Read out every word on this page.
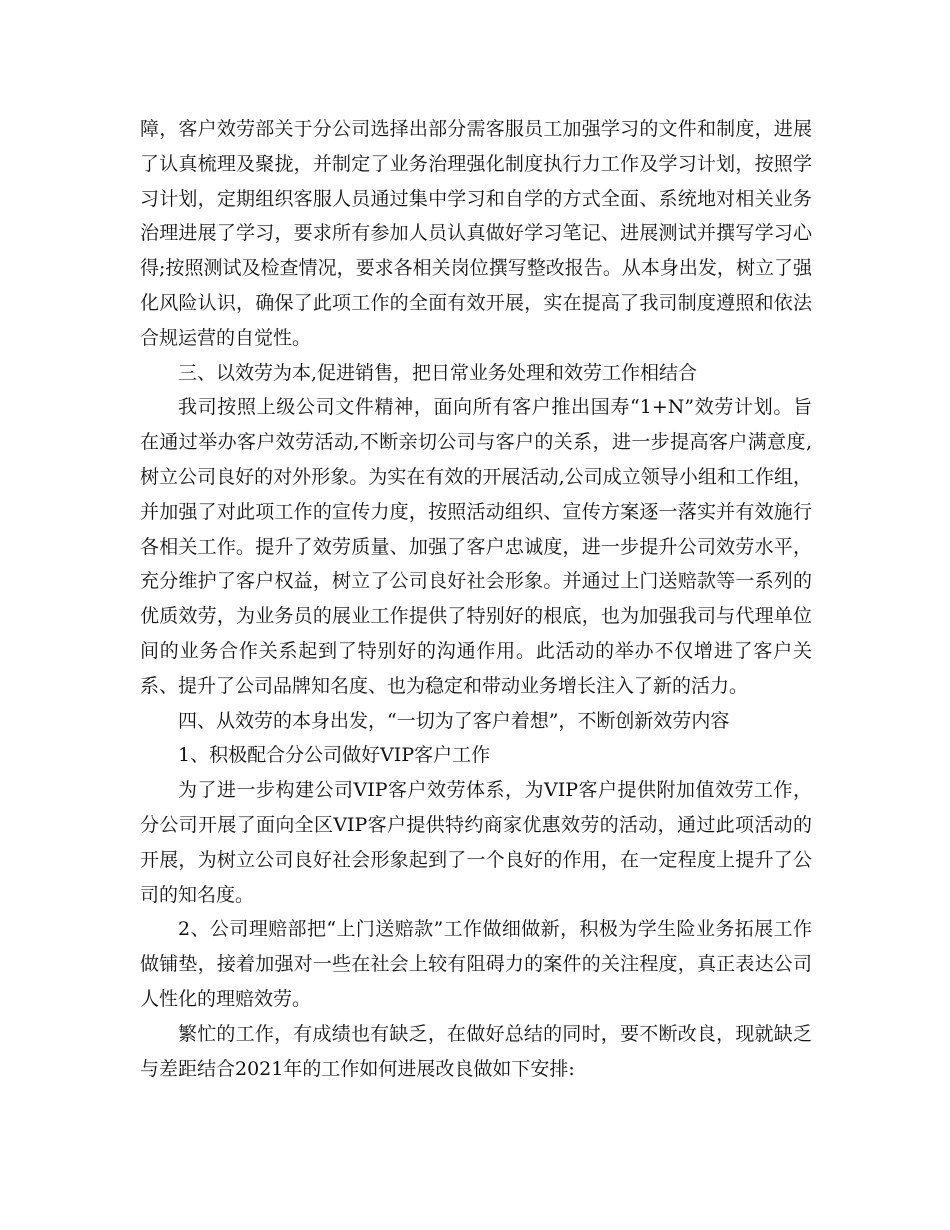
障，客户效劳部关于分公司选择出部分需客服员工加强学习的文件和制度，进展了认真梳理及聚拢，并制定了业务治理强化制度执行力工作及学习计划，按照学习计划，定期组织客服人员通过集中学习和自学的方式全面、系统地对相关业务治理进展了学习，要求所有参加人员认真做好学习笔记、进展测试并撰写学习心得;按照测试及检查情况，要求各相关岗位撰写整改报告。从本身出发，树立了强化风险认识，确保了此项工作的全面有效开展，实在提高了我司制度遵照和依法合规运营的自觉性。

三、以效劳为本,促进销售，把日常业务处理和效劳工作相结合

我司按照上级公司文件精神，面向所有客户推出国寿“1+N”效劳计划。旨在通过举办客户效劳活动,不断亲切公司与客户的关系，进一步提高客户满意度,树立公司良好的对外形象。为实在有效的开展活动,公司成立领导小组和工作组，并加强了对此项工作的宣传力度，按照活动组织、宣传方案逐一落实并有效施行各相关工作。提升了效劳质量、加强了客户忠诚度，进一步提升公司效劳水平，充分维护了客户权益，树立了公司良好社会形象。并通过上门送赔款等一系列的优质效劳，为业务员的展业工作提供了特别好的根底，也为加强我司与代理单位间的业务合作关系起到了特别好的沟通作用。此活动的举办不仅增进了客户关系、提升了公司品牌知名度、也为稳定和带动业务增长注入了新的活力。

四、从效劳的本身出发，“一切为了客户着想”，不断创新效劳内容

1、积极配合分公司做好VIP客户工作

为了进一步构建公司VIP客户效劳体系，为VIP客户提供附加值效劳工作，分公司开展了面向全区VIP客户提供特约商家优惠效劳的活动，通过此项活动的开展，为树立公司良好社会形象起到了一个良好的作用，在一定程度上提升了公司的知名度。

2、公司理赔部把“上门送赔款”工作做细做新，积极为学生险业务拓展工作做铺垫，接着加强对一些在社会上较有阻碍力的案件的关注程度，真正表达公司人性化的理赔效劳。

繁忙的工作，有成绩也有缺乏，在做好总结的同时，要不断改良，现就缺乏与差距结合2021年的工作如何进展改良做如下安排:
